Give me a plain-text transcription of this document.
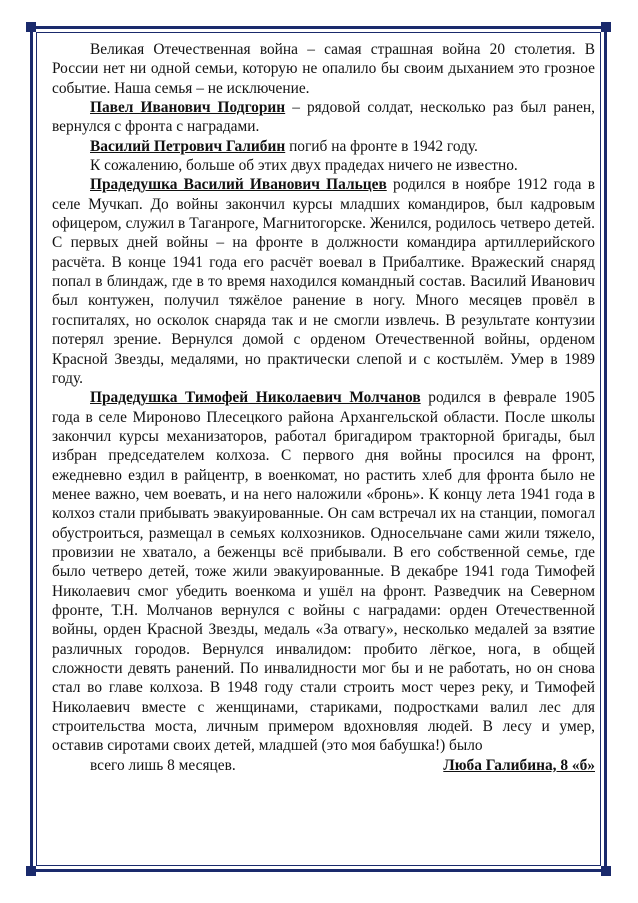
Великая Отечественная война – самая страшная война 20 столетия. В России нет ни одной семьи, которую не опалило бы своим дыханием это грозное событие. Наша семья – не исключение.

Павел Иванович Подгорин – рядовой солдат, несколько раз был ранен, вернулся с фронта с наградами.

Василий Петрович Галибин погиб на фронте в 1942 году.

К сожалению, больше об этих двух прадедах ничего не известно.

Прадедушка Василий Иванович Пальцев родился в ноябре 1912 года в селе Мучкап. До войны закончил курсы младших командиров, был кадровым офицером, служил в Таганроге, Магнитогорске. Женился, родилось четверо детей. С первых дней войны – на фронте в должности командира артиллерийского расчёта. В конце 1941 года его расчёт воевал в Прибалтике. Вражеский снаряд попал в блиндаж, где в то время находился командный состав. Василий Иванович был контужен, получил тяжёлое ранение в ногу. Много месяцев провёл в госпиталях, но осколок снаряда так и не смогли извлечь. В результате контузии потерял зрение. Вернулся домой с орденом Отечественной войны, орденом Красной Звезды, медалями, но практически слепой и с костылём. Умер в 1989 году.

Прадедушка Тимофей Николаевич Молчанов родился в феврале 1905 года в селе Мироново Плесецкого района Архангельской области. После школы закончил курсы механизаторов, работал бригадиром тракторной бригады, был избран председателем колхоза. С первого дня войны просился на фронт, ежедневно ездил в райцентр, в военкомат, но растить хлеб для фронта было не менее важно, чем воевать, и на него наложили «бронь». К концу лета 1941 года в колхоз стали прибывать эвакуированные. Он сам встречал их на станции, помогал обустроиться, размещал в семьях колхозников. Односельчане сами жили тяжело, провизии не хватало, а беженцы всё прибывали. В его собственной семье, где было четверо детей, тоже жили эвакуированные. В декабре 1941 года Тимофей Николаевич смог убедить военкома и ушёл на фронт. Разведчик на Северном фронте, Т.Н. Молчанов вернулся с войны с наградами: орден Отечественной войны, орден Красной Звезды, медаль «За отвагу», несколько медалей за взятие различных городов. Вернулся инвалидом: пробито лёгкое, нога, в общей сложности девять ранений. По инвалидности мог бы и не работать, но он снова стал во главе колхоза. В 1948 году стали строить мост через реку, и Тимофей Николаевич вместе с женщинами, стариками, подростками валил лес для строительства моста, личным примером вдохновляя людей. В лесу и умер, оставив сиротами своих детей, младшей (это моя бабушка!) было

всего лишь 8 месяцев.	Люба Галибина, 8 «б»
